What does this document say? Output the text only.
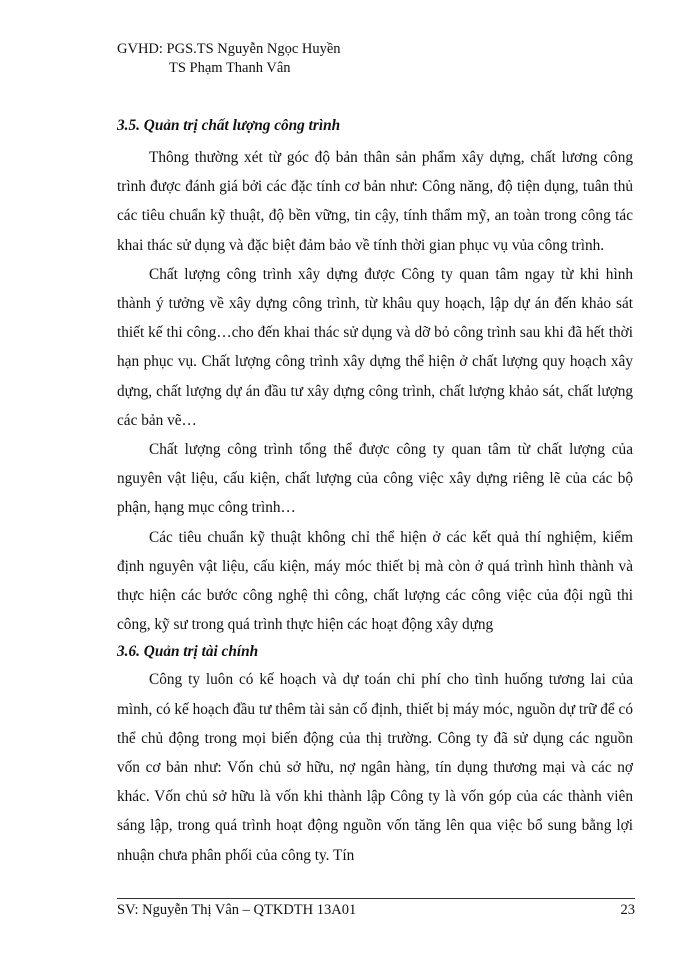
GVHD: PGS.TS Nguyễn Ngọc Huyền
TS Phạm Thanh Vân
3.5. Quản trị chất lượng công trình

Thông thường xét từ góc độ bản thân sản phẩm xây dựng, chất lương công trình được đánh giá bởi các đặc tính cơ bản như: Công năng, độ tiện dụng, tuân thủ các tiêu chuẩn kỹ thuật, độ bền vững, tin cậy, tính thẩm mỹ, an toàn trong công tác khai thác sử dụng và đặc biệt đảm bảo về tính thời gian phục vụ vủa công trình.

Chất lượng công trình xây dựng được Công ty quan tâm ngay từ khi hình thành ý tưởng về xây dựng công trình, từ khâu quy hoạch, lập dự án đến khảo sát thiết kế thi công…cho đến khai thác sử dụng và dỡ bỏ công trình sau khi đã hết thời hạn phục vụ. Chất lượng công trình xây dựng thể hiện ở chất lượng quy hoạch xây dựng, chất lượng dự án đầu tư xây dựng công trình, chất lượng khảo sát, chất lượng các bản vẽ…

Chất lượng công trình tổng thể được công ty quan tâm từ chất lượng của nguyên vật liệu, cấu kiện, chất lượng của công việc xây dựng riêng lẽ của các bộ phận, hạng mục công trình…

Các tiêu chuẩn kỹ thuật không chỉ thể hiện ở các kết quả thí nghiệm, kiểm định nguyên vật liệu, cấu kiện, máy móc thiết bị mà còn ở quá trình hình thành và thực hiện các bước công nghệ thi công, chất lượng các công việc của đội ngũ thi công, kỹ sư trong quá trình thực hiện các hoạt động xây dựng

3.6. Quản trị tài chính

Công ty luôn có kế hoạch và dự toán chi phí cho tình huống tương lai của mình, có kế hoạch đầu tư thêm tài sản cố định, thiết bị máy móc, nguồn dự trữ để có thể chủ động trong mọi biến động của thị trường. Công ty đã sử dụng các nguồn vốn cơ bản như: Vốn chủ sở hữu, nợ ngân hàng, tín dụng thương mại và các nợ khác. Vốn chủ sở hữu là vốn khi thành lập Công ty là vốn góp của các thành viên sáng lập, trong quá trình hoạt động nguồn vốn tăng lên qua việc bổ sung bằng lợi nhuận chưa phân phối của công ty. Tín

SV: Nguyễn Thị Vân – QTKDTH 13A01	23
